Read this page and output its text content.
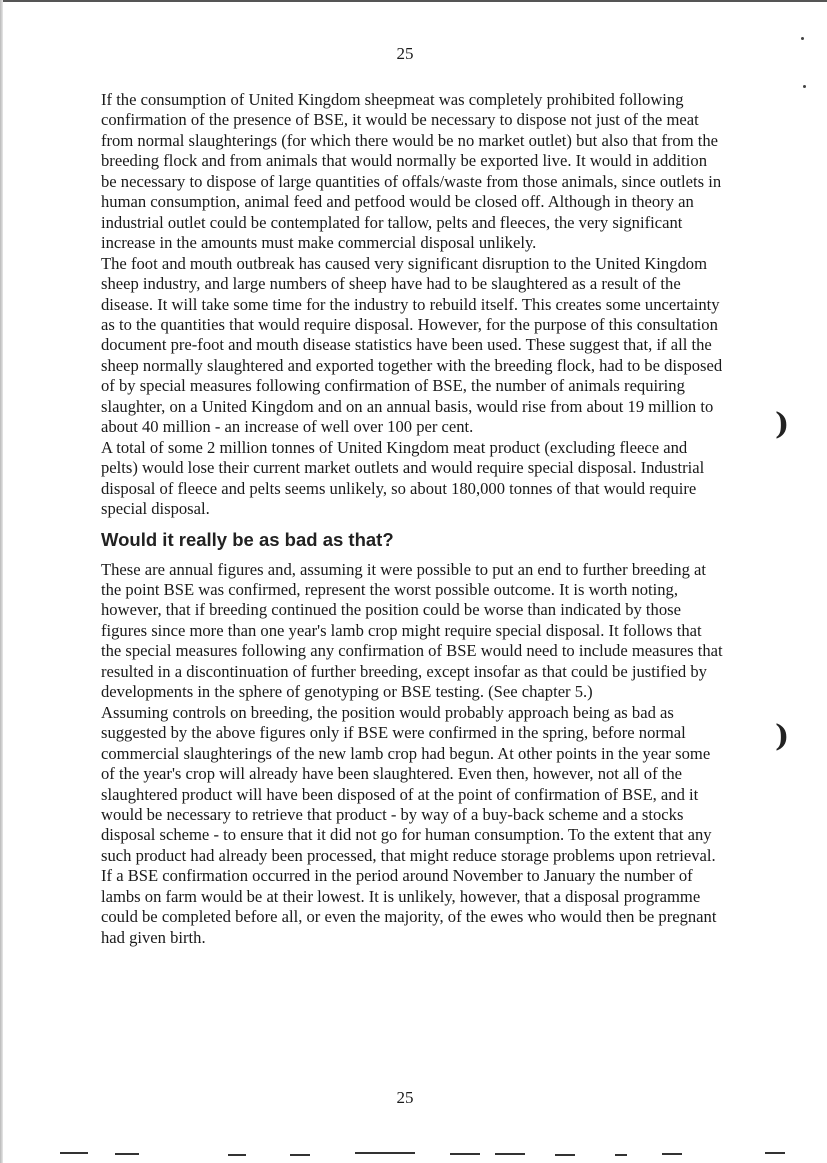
25

If the consumption of United Kingdom sheepmeat was completely prohibited following confirmation of the presence of BSE, it would be necessary to dispose not just of the meat from normal slaughterings (for which there would be no market outlet) but also that from the breeding flock and from animals that would normally be exported live. It would in addition be necessary to dispose of large quantities of offals/waste from those animals, since outlets in human consumption, animal feed and petfood would be closed off. Although in theory an industrial outlet could be contemplated for tallow, pelts and fleeces, the very significant increase in the amounts must make commercial disposal unlikely.

The foot and mouth outbreak has caused very significant disruption to the United Kingdom sheep industry, and large numbers of sheep have had to be slaughtered as a result of the disease. It will take some time for the industry to rebuild itself. This creates some uncertainty as to the quantities that would require disposal. However, for the purpose of this consultation document pre-foot and mouth disease statistics have been used. These suggest that, if all the sheep normally slaughtered and exported together with the breeding flock, had to be disposed of by special measures following confirmation of BSE, the number of animals requiring slaughter, on a United Kingdom and on an annual basis, would rise from about 19 million to about 40 million - an increase of well over 100 per cent.

A total of some 2 million tonnes of United Kingdom meat product (excluding fleece and pelts) would lose their current market outlets and would require special disposal. Industrial disposal of fleece and pelts seems unlikely, so about 180,000 tonnes of that would require special disposal.

Would it really be as bad as that?

These are annual figures and, assuming it were possible to put an end to further breeding at the point BSE was confirmed, represent the worst possible outcome. It is worth noting, however, that if breeding continued the position could be worse than indicated by those figures since more than one year's lamb crop might require special disposal. It follows that the special measures following any confirmation of BSE would need to include measures that resulted in a discontinuation of further breeding, except insofar as that could be justified by developments in the sphere of genotyping or BSE testing. (See chapter 5.)

Assuming controls on breeding, the position would probably approach being as bad as suggested by the above figures only if BSE were confirmed in the spring, before normal commercial slaughterings of the new lamb crop had begun. At other points in the year some of the year's crop will already have been slaughtered. Even then, however, not all of the slaughtered product will have been disposed of at the point of confirmation of BSE, and it would be necessary to retrieve that product - by way of a buy-back scheme and a stocks disposal scheme - to ensure that it did not go for human consumption. To the extent that any such product had already been processed, that might reduce storage problems upon retrieval. If a BSE confirmation occurred in the period around November to January the number of lambs on farm would be at their lowest. It is unlikely, however, that a disposal programme could be completed before all, or even the majority, of the ewes who would then be pregnant had given birth.

25
)
)
